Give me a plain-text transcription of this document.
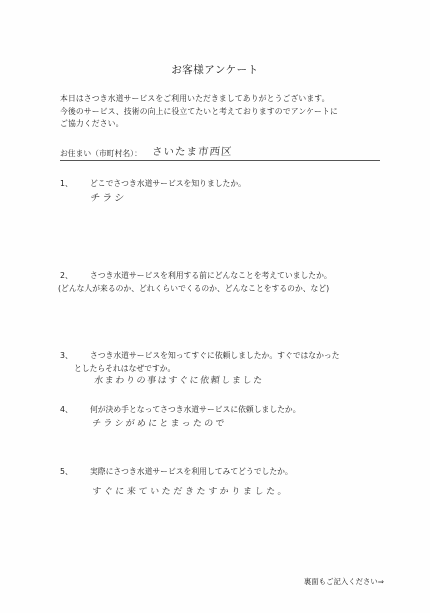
お客様アンケート

本日はさつき水道サービスをご利用いただきましてありがとうございます。

今後のサービス、技術の向上に役立てたいと考えておりますのでアンケートに

ご協力ください。

お住まい（市町村名）： さいたま市西区
1、 どこでさつき水道サービスを知りましたか。
チラシ
2、 さつき水道サービスを利用する前にどんなことを考えていましたか。
(どんな人が来るのか、どれくらいでくるのか、どんなことをするのか、など)
3、 さつき水道サービスを知ってすぐに依頼しましたか。すぐではなかった
としたらそれはなぜですか。
水まわりの事はすぐに依頼しました
4、 何が決め手となってさつき水道サービスに依頼しましたか。
チラシがめにとまったので
5、 実際にさつき水道サービスを利用してみてどうでしたか。
すぐに来ていただきたすかりました。
裏面もご記入ください⇒
